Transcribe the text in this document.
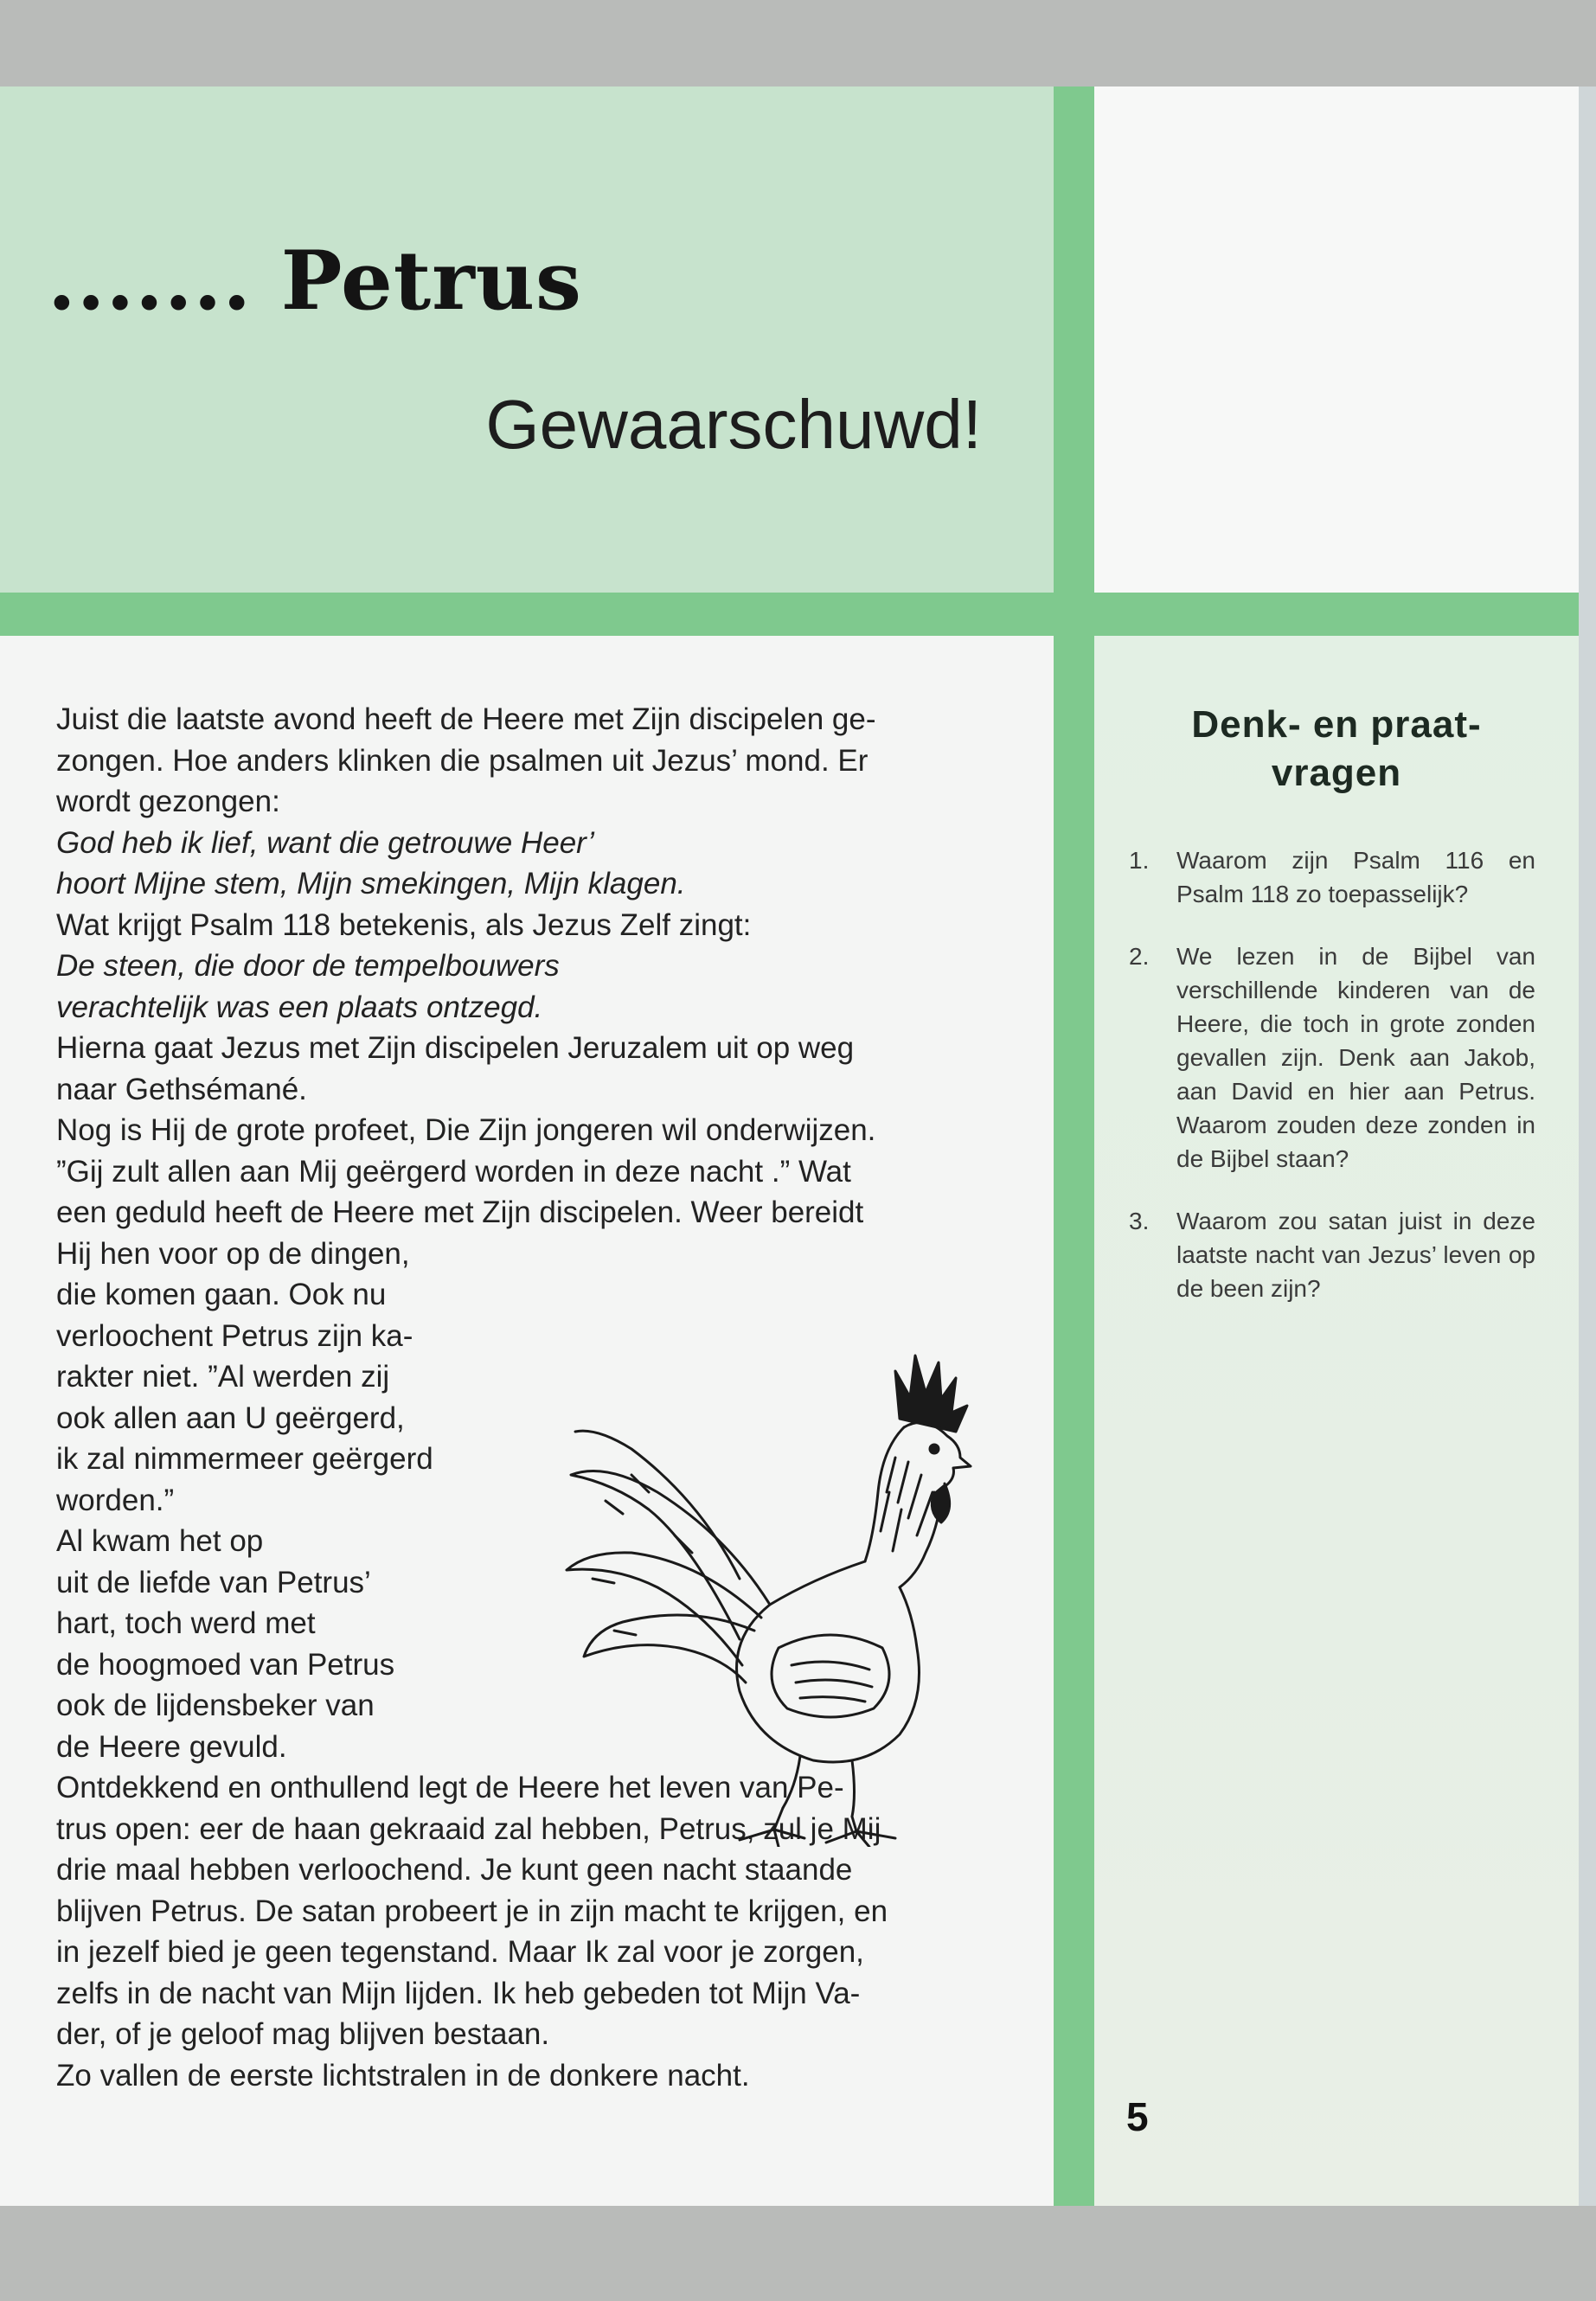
....... Petrus
Gewaarschuwd!

Juist die laatste avond heeft de Heere met Zijn discipelen ge-

zongen. Hoe anders klinken die psalmen uit Jezus’ mond. Er

wordt gezongen:

God heb ik lief, want die getrouwe Heer’

hoort Mijne stem, Mijn smekingen, Mijn klagen.

Wat krijgt Psalm 118 betekenis, als Jezus Zelf zingt:

De steen, die door de tempelbouwers

verachtelijk was een plaats ontzegd.

Hierna gaat Jezus met Zijn discipelen Jeruzalem uit op weg

naar Gethsémané.

Nog is Hij de grote profeet, Die Zijn jongeren wil onderwijzen.

”Gij zult allen aan Mij geërgerd worden in deze nacht .” Wat

een geduld heeft de Heere met Zijn discipelen. Weer bereidt

Hij hen voor op de dingen,

die komen gaan. Ook nu

verloochent Petrus zijn ka-

rakter niet. ”Al werden zij

ook allen aan U geërgerd,

ik zal nimmermeer geërgerd

worden.”

Al kwam het op

uit de liefde van Petrus’

hart, toch werd met

de hoogmoed van Petrus

ook de lijdensbeker van

de Heere gevuld.

Ontdekkend en onthullend legt de Heere het leven van Pe-

trus open: eer de haan gekraaid zal hebben, Petrus, zul je Mij

drie maal hebben verloochend. Je kunt geen nacht staande

blijven Petrus. De satan probeert je in zijn macht te krijgen, en

in jezelf bied je geen tegenstand. Maar Ik zal voor je zorgen,

zelfs in de nacht van Mijn lijden. Ik heb gebeden tot Mijn Va-

der, of je geloof mag blijven bestaan.

Zo vallen de eerste lichtstralen in de donkere nacht.

Denk- en praat-
vragen
1. Waarom zijn Psalm 116 en Psalm 118 zo toepasselijk?
2. We lezen in de Bijbel van verschillende kinderen van de Heere, die toch in grote zonden gevallen zijn. Denk aan Jakob, aan David en hier aan Petrus. Waarom zouden deze zonden in de Bijbel staan?
3. Waarom zou satan juist in deze laatste nacht van Jezus’ leven op de been zijn?
5
